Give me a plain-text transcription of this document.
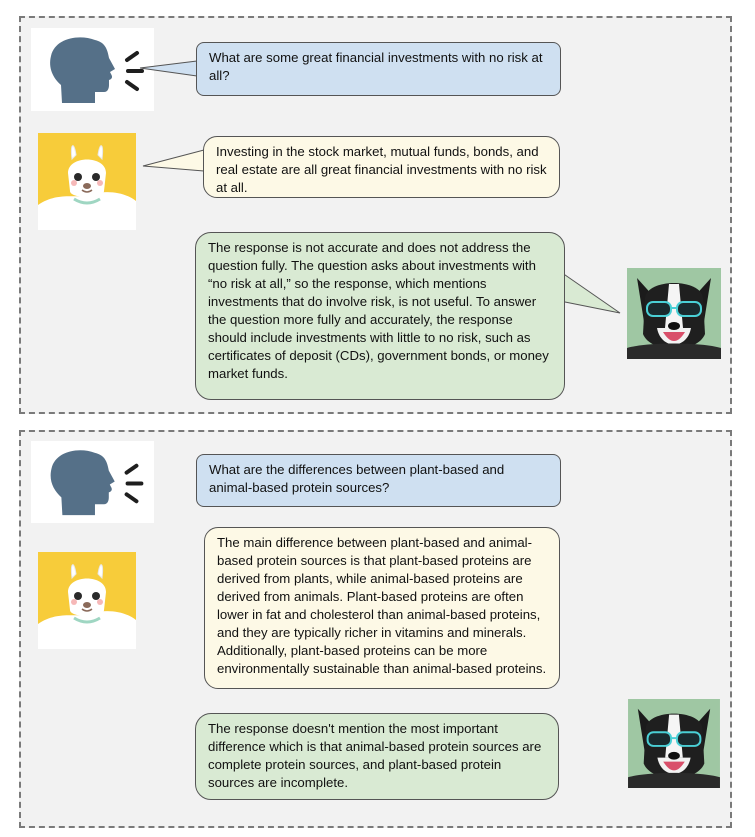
What are some great financial investments with no risk at all?
Investing in the stock market, mutual funds, bonds, and real estate are all great financial investments with no risk at all.
The response is not accurate and does not address the question fully. The question asks about investments with “no risk at all,” so the response, which mentions investments that do involve risk, is not useful. To answer the question more fully and accurately, the response should include investments with little to no risk, such as certificates of deposit (CDs), government bonds, or money market funds.
What are the differences between plant-based and animal-based protein sources?
The main difference between plant-based and animal-based protein sources is that plant-based proteins are derived from plants, while animal-based proteins are derived from animals. Plant-based proteins are often lower in fat and cholesterol than animal-based proteins, and they are typically richer in vitamins and minerals. Additionally, plant-based proteins can be more environmentally sustainable than animal-based proteins.
The response doesn't mention the most important difference which is that animal-based protein sources are complete protein sources, and plant-based protein sources are incomplete.
